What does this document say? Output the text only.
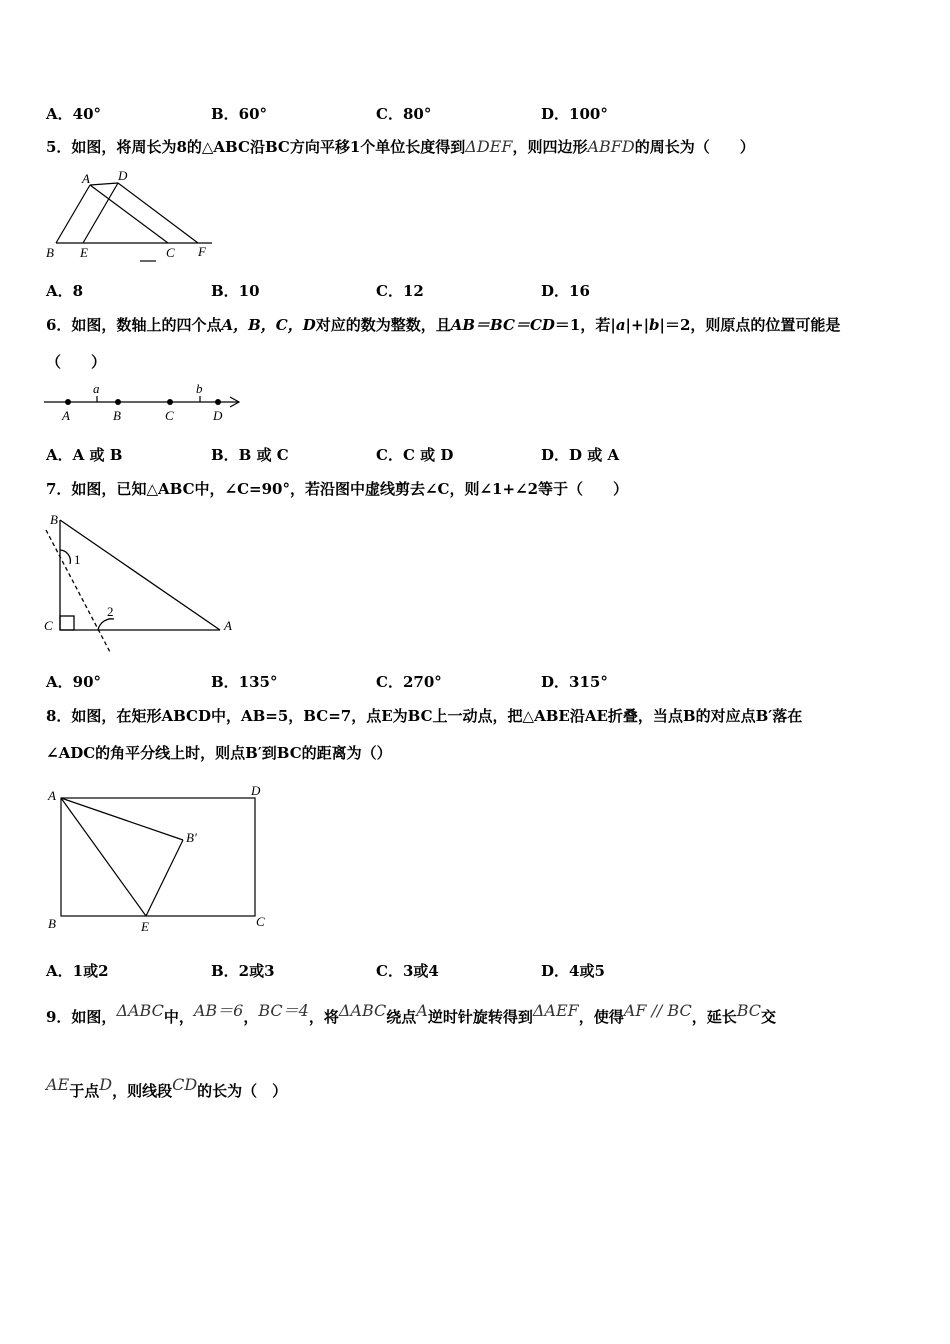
A．40°	B．60°	C．80°	D．100°
5．如图，将周长为8的△ABC沿BC方向平移1个单位长度得到ΔDEF，则四边形ABFD的周长为（　　）
A D
B E	C F
A．8	B．10	C．12	D．16
6．如图，数轴上的四个点A，B，C，D对应的数为整数，且AB＝BC＝CD＝1，若|a|+|b|＝2，则原点的位置可能是
（　　）
a	b
A	B	C	D
A．A 或 B	B．B 或 C	C．C 或 D	D．D 或 A
7．如图，已知△ABC中，∠C=90°，若沿图中虚线剪去∠C，则∠1+∠2等于（　　）
B
C	A
1
2
A．90°	B．135°	C．270°	D．315°
8．如图，在矩形ABCD中，AB=5，BC=7，点E为BC上一动点，把△ABE沿AE折叠，当点B的对应点B′落在
∠ADC的角平分线上时，则点B′到BC的距离为（）
A	D
B′
B	E	C
A．1或2	B．2或3	C．3或4	D．4或5
9．如图，$^{\Delta ABC}$中，$^{AB=6}$，$^{BC=4}$，将$^{\Delta ABC}$绕点$^A$逆时针旋转得到$^{\Delta AEF}$，使得$^{AF // BC}$，延长$^{BC}$交
$^{AE}$于点$^D$，则线段$^{CD}$的长为（　）
